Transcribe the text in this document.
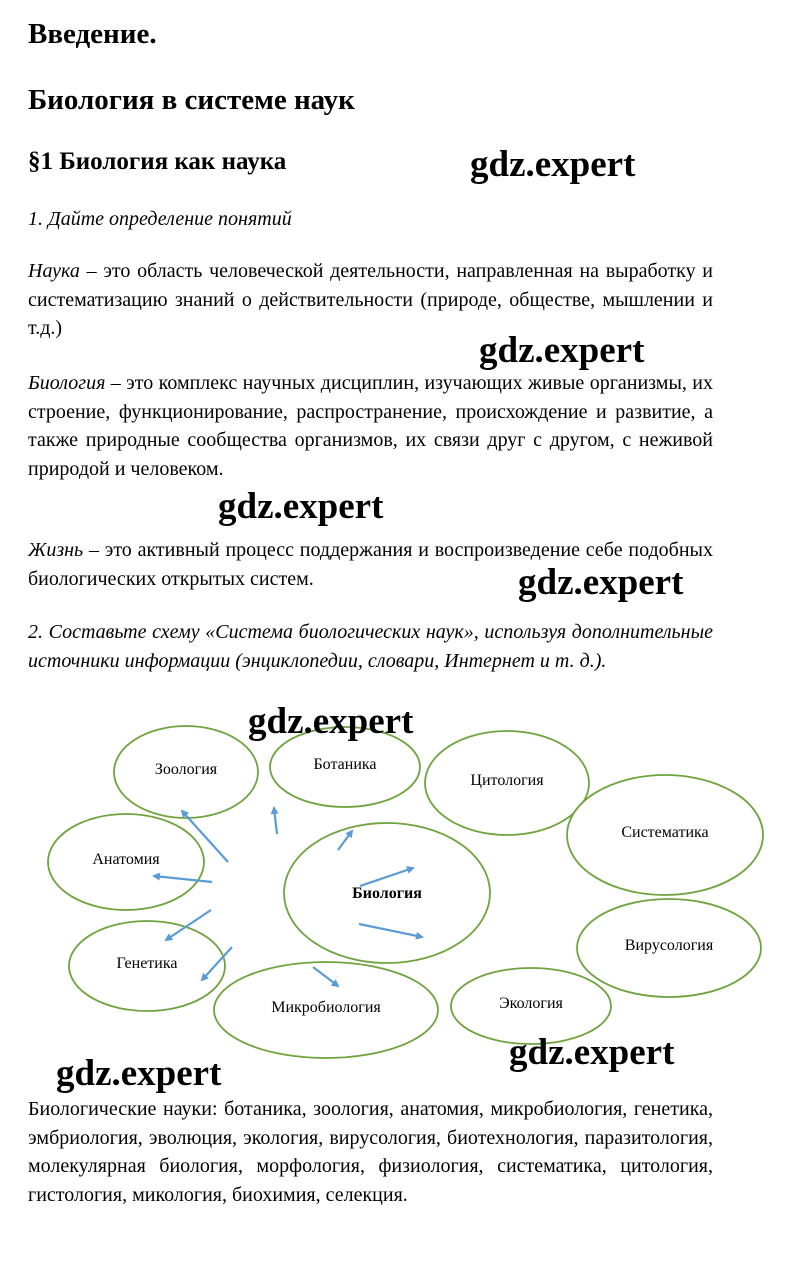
Введение.
Биология в системе наук
§1 Биология как наука
1. Дайте определение понятий

Наука – это область человеческой деятельности, направленная на выработку и систематизацию знаний о действительности (природе, обществе, мышлении и т.д.)

Биология – это комплекс научных дисциплин, изучающих живые организмы, их строение, функционирование, распространение, происхождение и развитие, а также природные сообщества организмов, их связи друг с другом, с неживой природой и человеком.

Жизнь – это активный процесс поддержания и воспроизведение себе подобных биологических открытых систем.

2. Составьте схему «Система биологических наук», используя дополнительные источники информации (энциклопедии, словари, Интернет и т. д.).
Биология
Зоология	Ботаника
Цитология
Систематика
Анатомия
Генетика
Вирусология
Микробиология	Экология

Биологические науки: ботаника, зоология, анатомия, микробиология, генетика, эмбриология, эволюция, экология, вирусология, биотехнология, паразитология, молекулярная биология, морфология, физиология, систематика, цитология, гистология, микология, биохимия, селекция.

gdz.expert
gdz.expert
gdz.expert
gdz.expert
gdz.expert
gdz.expert
gdz.expert
